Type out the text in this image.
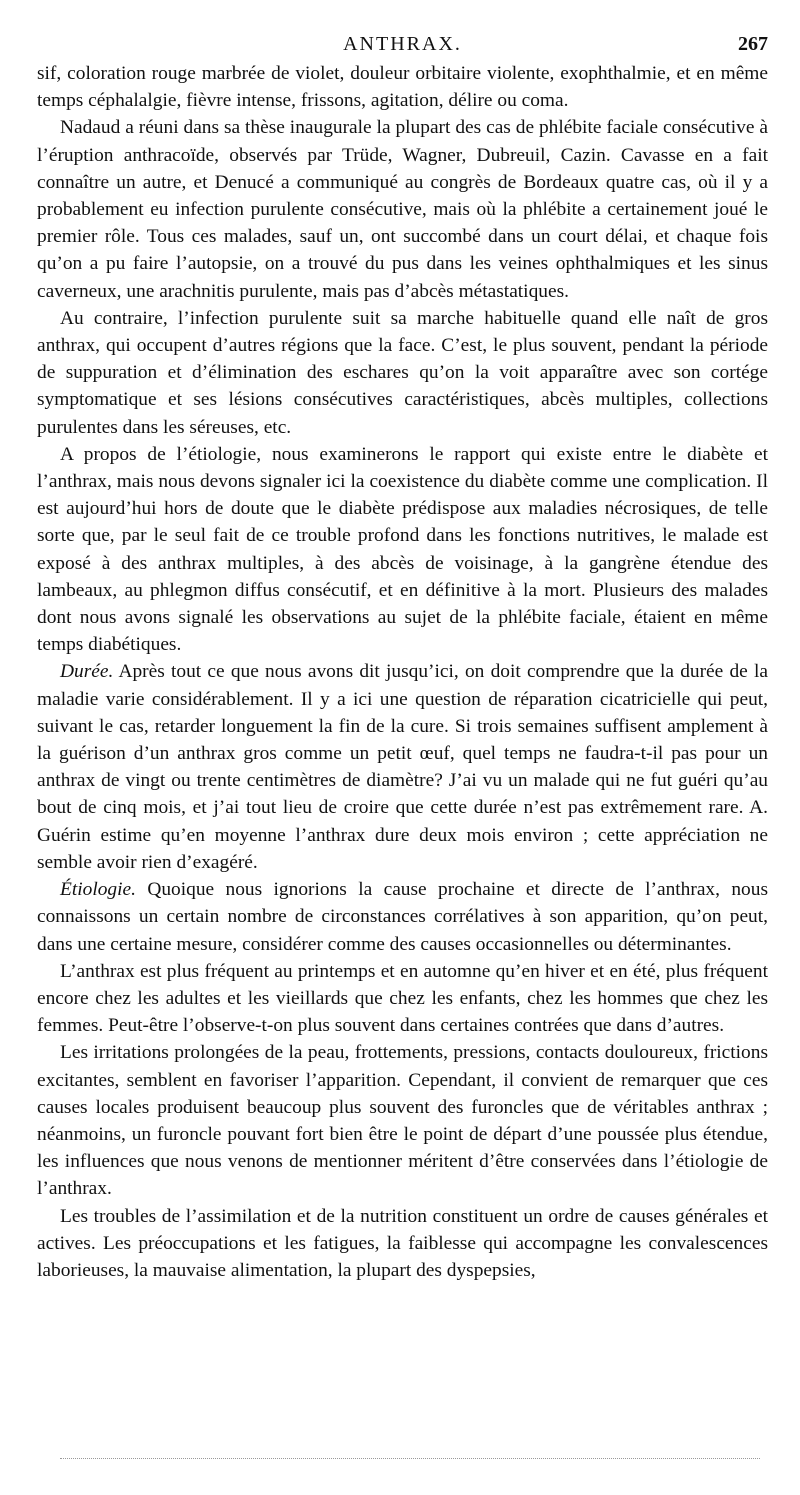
ANTHRAX.	267

sif, coloration rouge marbrée de violet, douleur orbitaire violente, exophthalmie, et en même temps céphalalgie, fièvre intense, frissons, agitation, délire ou coma.

Nadaud a réuni dans sa thèse inaugurale la plupart des cas de phlébite faciale consécutive à l’éruption anthracoïde, observés par Trüde, Wagner, Dubreuil, Cazin. Cavasse en a fait connaître un autre, et Denucé a communiqué au congrès de Bordeaux quatre cas, où il y a probablement eu infection purulente consécutive, mais où la phlébite a certainement joué le premier rôle. Tous ces malades, sauf un, ont succombé dans un court délai, et chaque fois qu’on a pu faire l’autopsie, on a trouvé du pus dans les veines ophthalmiques et les sinus caverneux, une arachnitis purulente, mais pas d’abcès métastatiques.

Au contraire, l’infection purulente suit sa marche habituelle quand elle naît de gros anthrax, qui occupent d’autres régions que la face. C’est, le plus souvent, pendant la période de suppuration et d’élimination des eschares qu’on la voit apparaître avec son cortége symptomatique et ses lésions consécutives caractéristiques, abcès multiples, collections purulentes dans les séreuses, etc.

A propos de l’étiologie, nous examinerons le rapport qui existe entre le diabète et l’anthrax, mais nous devons signaler ici la coexistence du diabète comme une complication. Il est aujourd’hui hors de doute que le diabète prédispose aux maladies nécrosiques, de telle sorte que, par le seul fait de ce trouble profond dans les fonctions nutritives, le malade est exposé à des anthrax multiples, à des abcès de voisinage, à la gangrène étendue des lambeaux, au phlegmon diffus consécutif, et en définitive à la mort. Plusieurs des malades dont nous avons signalé les observations au sujet de la phlébite faciale, étaient en même temps diabétiques.

Durée. Après tout ce que nous avons dit jusqu’ici, on doit comprendre que la durée de la maladie varie considérablement. Il y a ici une question de réparation cicatricielle qui peut, suivant le cas, retarder longuement la fin de la cure. Si trois semaines suffisent amplement à la guérison d’un anthrax gros comme un petit œuf, quel temps ne faudra-t-il pas pour un anthrax de vingt ou trente centimètres de diamètre? J’ai vu un malade qui ne fut guéri qu’au bout de cinq mois, et j’ai tout lieu de croire que cette durée n’est pas extrêmement rare. A. Guérin estime qu’en moyenne l’anthrax dure deux mois environ ; cette appréciation ne semble avoir rien d’exagéré.

Étiologie. Quoique nous ignorions la cause prochaine et directe de l’anthrax, nous connaissons un certain nombre de circonstances corrélatives à son apparition, qu’on peut, dans une certaine mesure, considérer comme des causes occasionnelles ou déterminantes.

L’anthrax est plus fréquent au printemps et en automne qu’en hiver et en été, plus fréquent encore chez les adultes et les vieillards que chez les enfants, chez les hommes que chez les femmes. Peut-être l’observe-t-on plus souvent dans certaines contrées que dans d’autres.

Les irritations prolongées de la peau, frottements, pressions, contacts douloureux, frictions excitantes, semblent en favoriser l’apparition. Cependant, il convient de remarquer que ces causes locales produisent beaucoup plus souvent des furoncles que de véritables anthrax ; néanmoins, un furoncle pouvant fort bien être le point de départ d’une poussée plus étendue, les influences que nous venons de mentionner méritent d’être conservées dans l’étiologie de l’anthrax.

Les troubles de l’assimilation et de la nutrition constituent un ordre de causes générales et actives. Les préoccupations et les fatigues, la faiblesse qui accompagne les convalescences laborieuses, la mauvaise alimentation, la plupart des dyspepsies,
